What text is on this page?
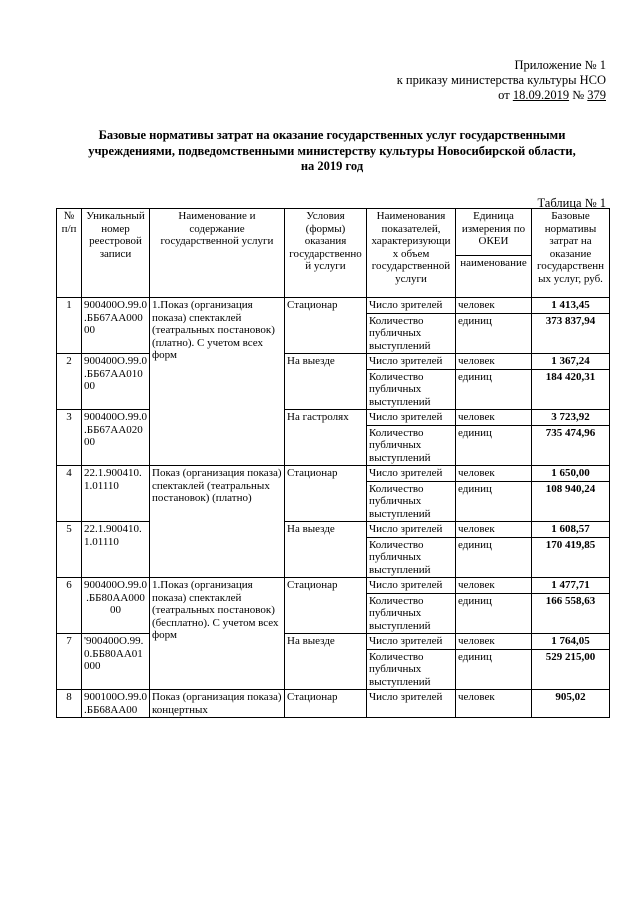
Приложение № 1
к приказу министерства культуры НСО
от 18.09.2019 № 379
Базовые нормативы затрат на оказание государственных услуг государственными
учреждениями, подведомственными министерству культуры Новосибирской области,
на 2019 год
Таблица № 1
№ п/п	Уникальный номер реестровой записи	Наименование и содержание государственной услуги	Условия (формы) оказания государственной услуги	Наименования показателей, характеризующих объем государственной услуги	Единица измерения по ОКЕИ	Базовые нормативы затрат на оказание государственных услуг, руб.
					наименование	
1	900400О.99.0.ББ67АА00000	1.Показ (организация показа) спектаклей (театральных постановок) (платно). С учетом всех форм	Стационар	Число зрителей	человек	1 413,45
				Количество публичных выступлений	единиц	373 837,94
2	900400О.99.0.ББ67АА01000		На выезде	Число зрителей	человек	1 367,24
				Количество публичных выступлений	единиц	184 420,31
3	900400О.99.0.ББ67АА02000		На гастролях	Число зрителей	человек	3 723,92
				Количество публичных выступлений	единиц	735 474,96
4	22.1.900410.1.01110	Показ (организация показа) спектаклей (театральных постановок) (платно)	Стационар	Число зрителей	человек	1 650,00
				Количество публичных выступлений	единиц	108 940,24
5	22.1.900410.1.01110		На выезде	Число зрителей	человек	1 608,57
				Количество публичных выступлений	единиц	170 419,85
6	900400О.99.0.ББ80АА00000	1.Показ (организация показа) спектаклей (театральных постановок) (бесплатно). С учетом всех форм	Стационар	Число зрителей	человек	1 477,71
				Количество публичных выступлений	единиц	166 558,63
7	'900400О.99.0.ББ80АА01000		На выезде	Число зрителей	человек	1 764,05
				Количество публичных выступлений	единиц	529 215,00
8	900100О.99.0.ББ68АА00	Показ (организация показа) концертных	Стационар	Число зрителей	человек	905,02
